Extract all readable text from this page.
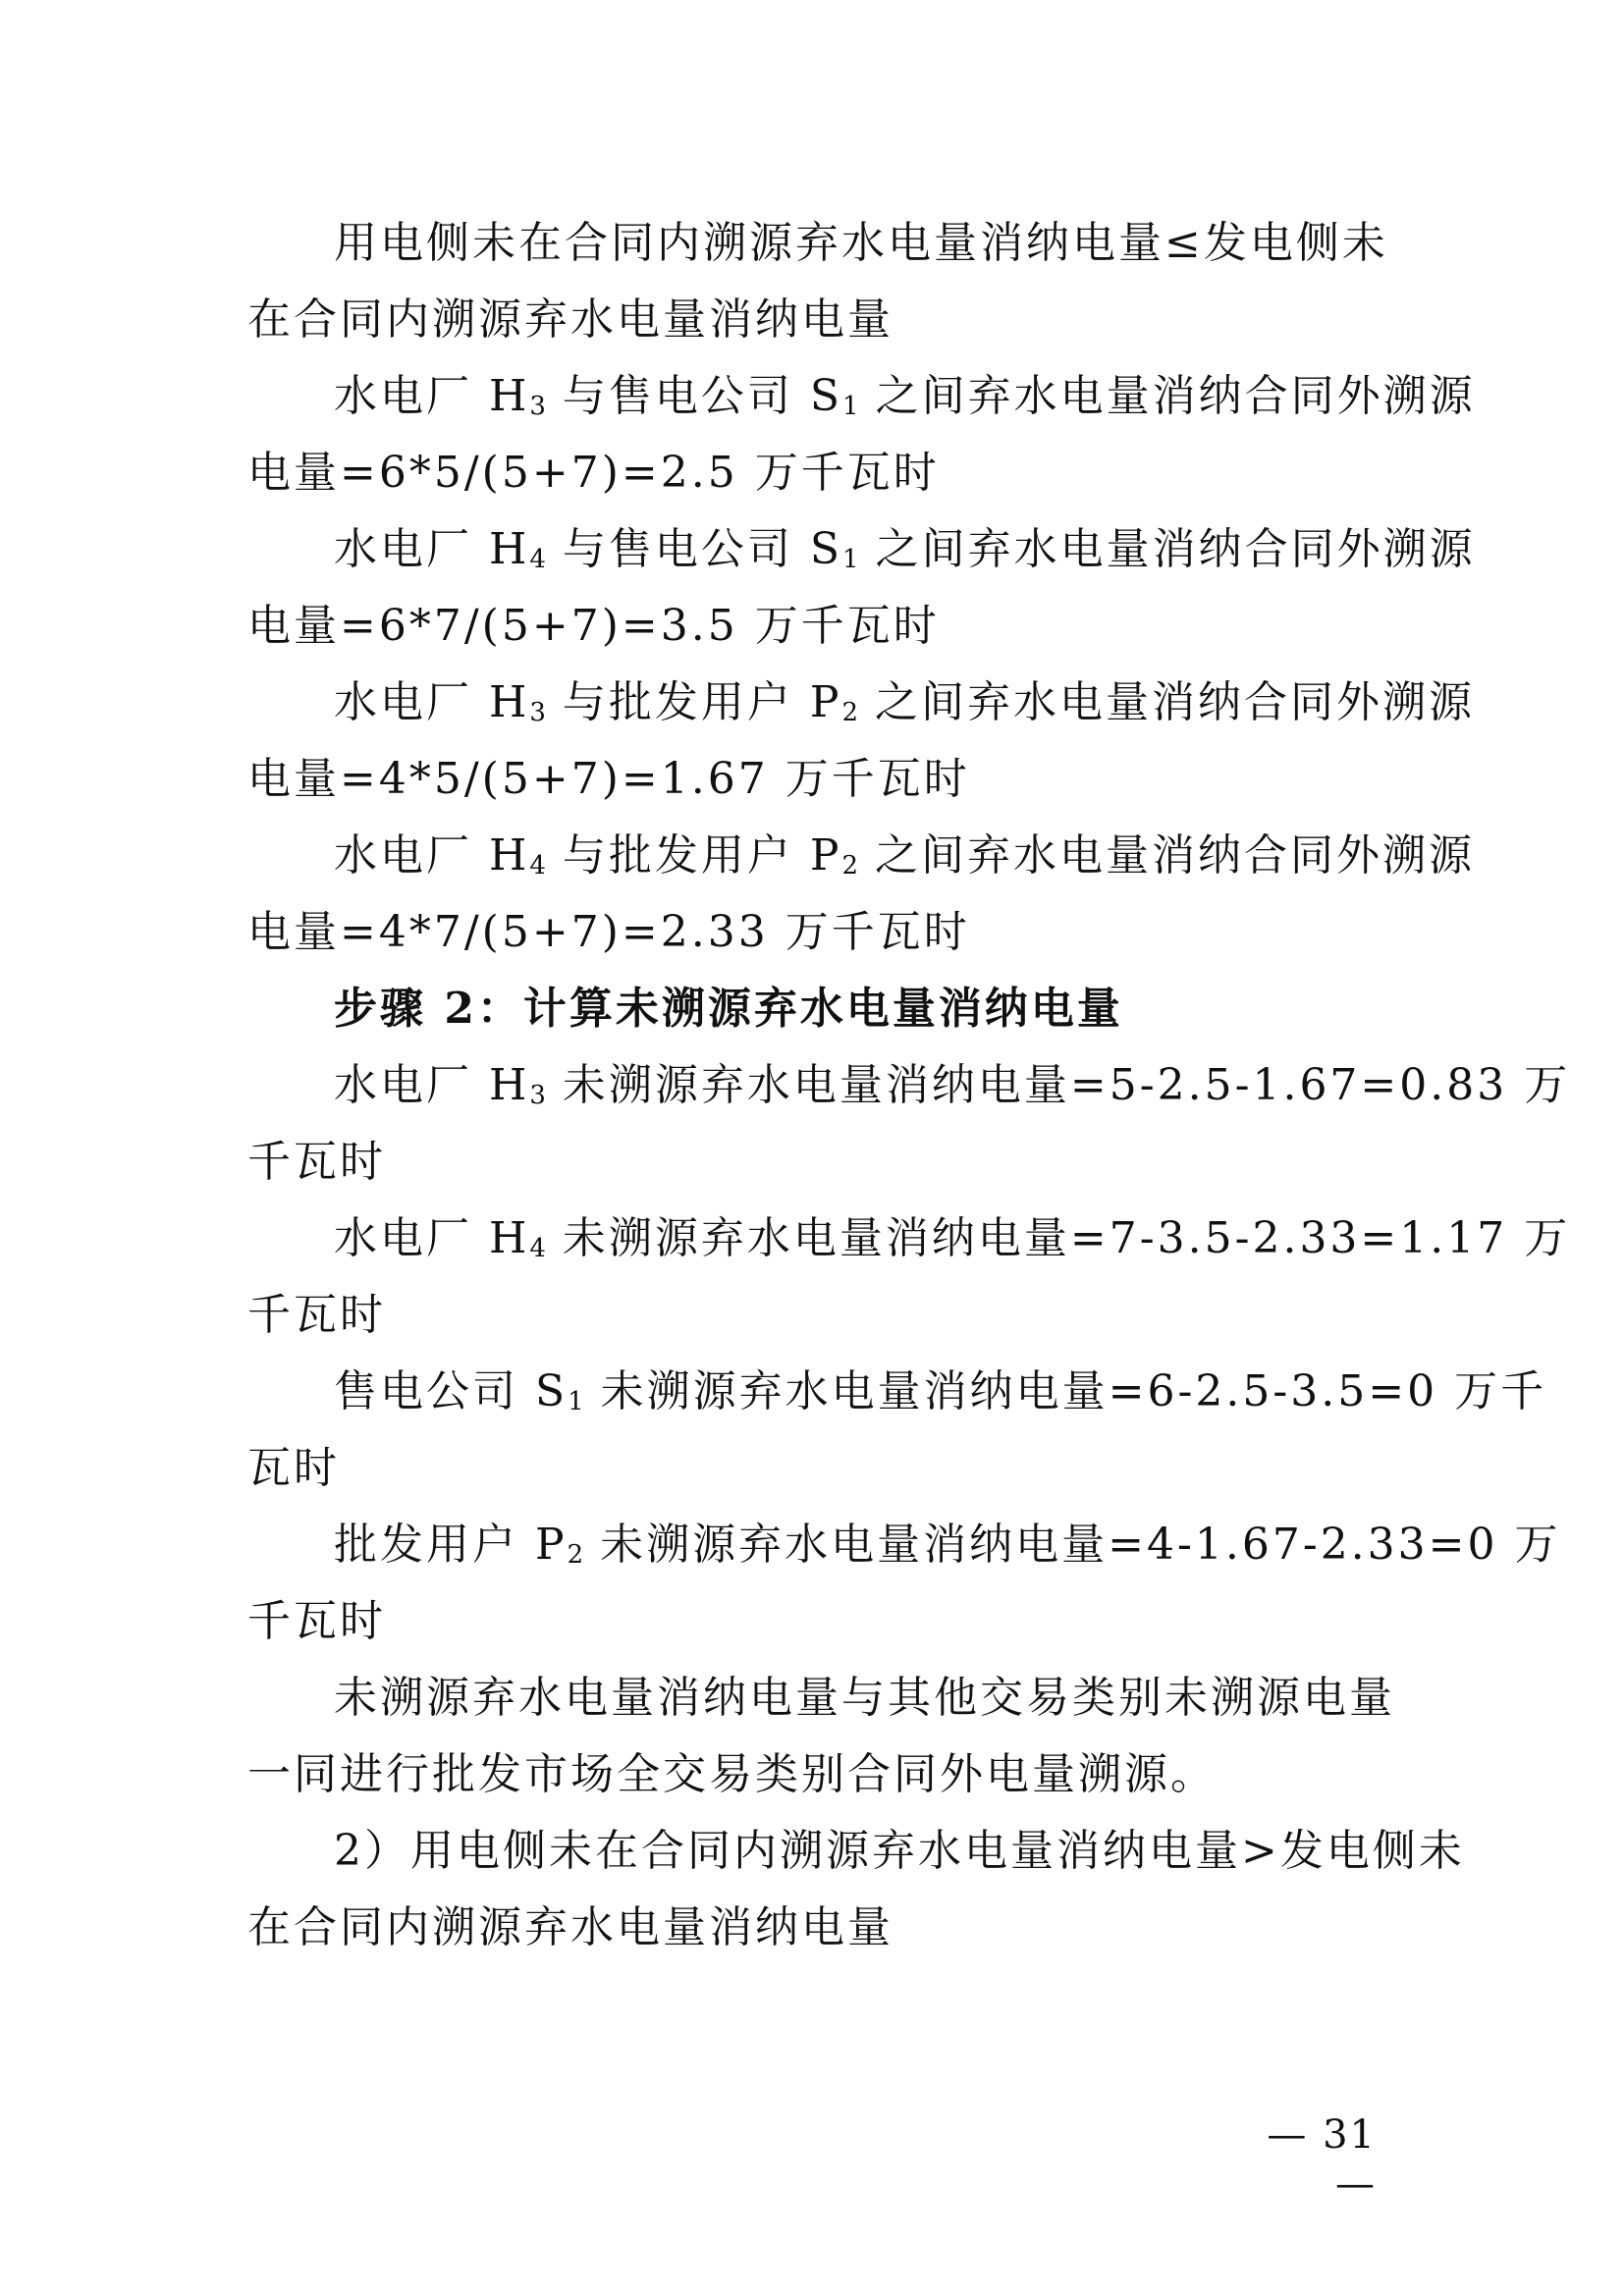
用电侧未在合同内溯源弃水电量消纳电量≤发电侧未
在合同内溯源弃水电量消纳电量
水电厂 $H_3$ 与售电公司 $S_1$ 之间弃水电量消纳合同外溯源
电量=6*5/(5+7)=2.5 万千瓦时
水电厂 $H_4$ 与售电公司 $S_1$ 之间弃水电量消纳合同外溯源
电量=6*7/(5+7)=3.5 万千瓦时
水电厂 $H_3$ 与批发用户 $P_2$ 之间弃水电量消纳合同外溯源
电量=4*5/(5+7)=1.67 万千瓦时
水电厂 $H_4$ 与批发用户 $P_2$ 之间弃水电量消纳合同外溯源
电量=4*7/(5+7)=2.33 万千瓦时
步骤 2：计算未溯源弃水电量消纳电量
水电厂 $H_3$ 未溯源弃水电量消纳电量=5-2.5-1.67=0.83 万
千瓦时
水电厂 $H_4$ 未溯源弃水电量消纳电量=7-3.5-2.33=1.17 万
千瓦时
售电公司 $S_1$ 未溯源弃水电量消纳电量=6-2.5-3.5=0 万千
瓦时
批发用户 $P_2$ 未溯源弃水电量消纳电量=4-1.67-2.33=0 万
千瓦时
未溯源弃水电量消纳电量与其他交易类别未溯源电量
一同进行批发市场全交易类别合同外电量溯源。
2）用电侧未在合同内溯源弃水电量消纳电量>发电侧未
在合同内溯源弃水电量消纳电量
— 31 —
